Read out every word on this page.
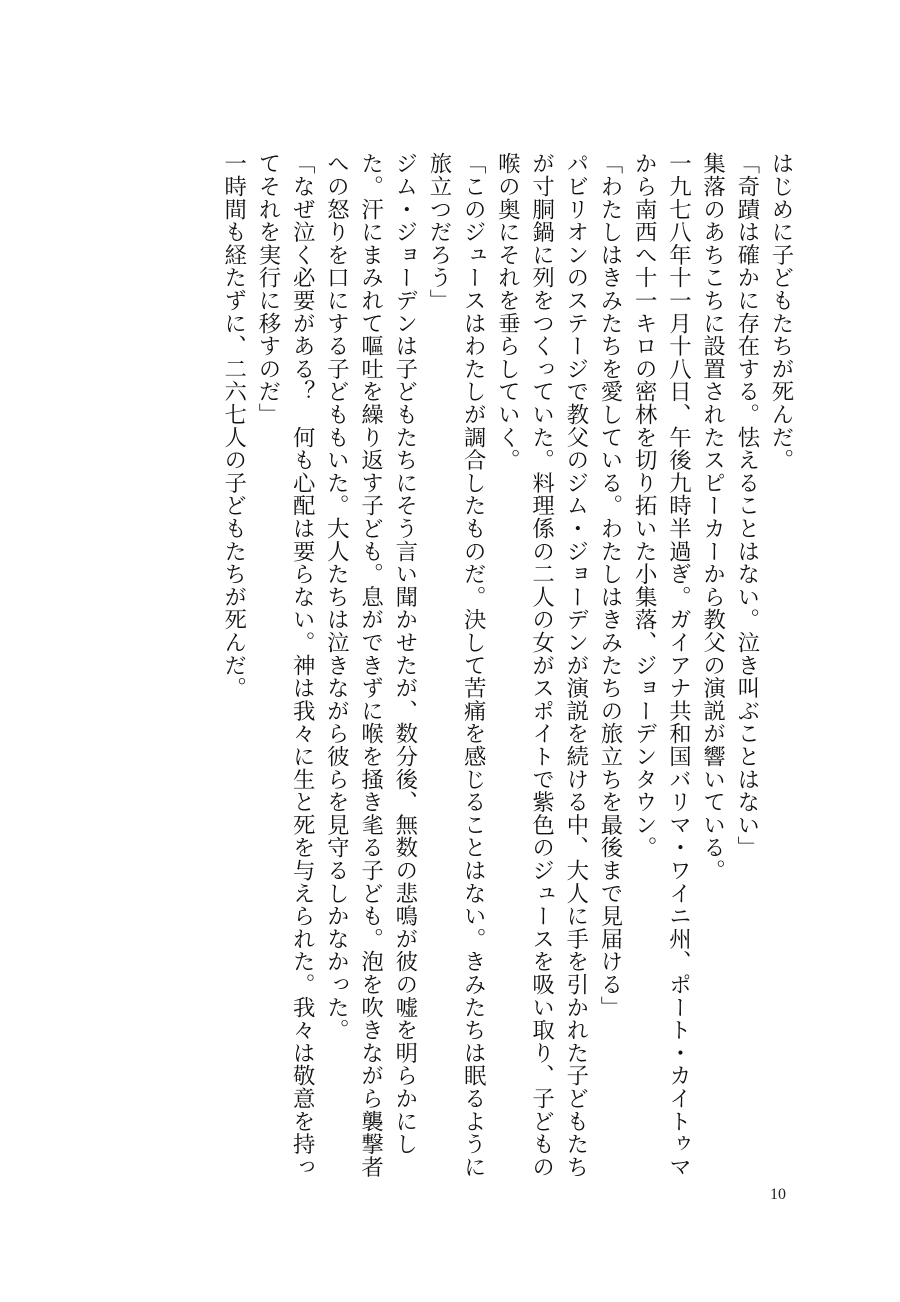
はじめに子どもたちが死んだ。

「奇蹟は確かに存在する。怯えることはない。泣き叫ぶことはない」

集落のあちこちに設置されたスピーカーから教父の演説が響いている。

一九七八年十一月十八日、午後九時半過ぎ。ガイアナ共和国バリマ・ワイニ州、ポート・カイトゥマから南西へ十一キロの密林を切り拓いた小集落、ジョーデンタウン。

「わたしはきみたちを愛している。わたしはきみたちの旅立ちを最後まで見届ける」

パビリオンのステージで教父のジム・ジョーデンが演説を続ける中、大人に手を引かれた子どもたちが寸胴鍋に列をつくっていた。料理係の二人の女がスポイトで紫色のジュースを吸い取り、子どもの喉の奥にそれを垂らしていく。

「このジュースはわたしが調合したものだ。決して苦痛を感じることはない。きみたちは眠るように旅立つだろう」

ジム・ジョーデンは子どもたちにそう言い聞かせたが、数分後、無数の悲鳴が彼の嘘を明らかにした。汗にまみれて嘔吐を繰り返す子ども。息ができずに喉を掻き毟る子ども。泡を吹きながら襲撃者への怒りを口にする子どももいた。大人たちは泣きながら彼らを見守るしかなかった。

「なぜ泣く必要がある？　何も心配は要らない。神は我々に生と死を与えられた。我々は敬意を持ってそれを実行に移すのだ」

一時間も経たずに、二六七人の子どもたちが死んだ。

10
